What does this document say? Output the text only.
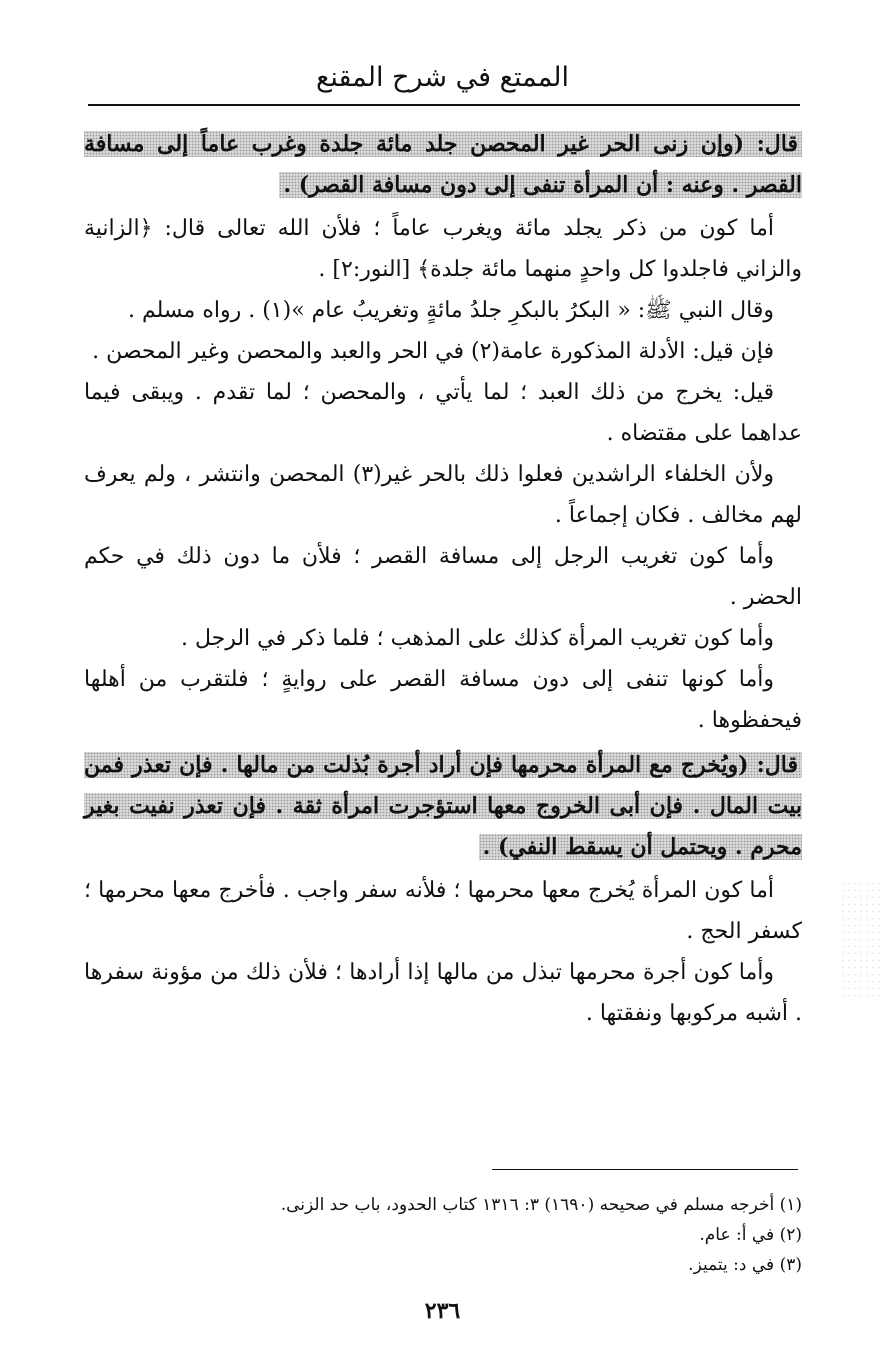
الممتع في شرح المقنع

قال: (وإن زنى الحر غير المحصن جلد مائة جلدة وغرب عاماً إلى مسافة القصر . وعنه : أن المرأة تنفى إلى دون مسافة القصر) .

أما كون من ذكر يجلد مائة ويغرب عاماً ؛ فلأن الله تعالى قال: ﴿الزانية والزاني فاجلدوا كل واحدٍ منهما مائة جلدة﴾ [النور:٢] .

وقال النبي ﷺ: « البكرُ بالبكرِ جلدُ مائةٍ وتغريبُ عام »(١) . رواه مسلم .

فإن قيل: الأدلة المذكورة عامة(٢) في الحر والعبد والمحصن وغير المحصن .

قيل: يخرج من ذلك العبد ؛ لما يأتي ، والمحصن ؛ لما تقدم . ويبقى فيما عداهما على مقتضاه .

ولأن الخلفاء الراشدين فعلوا ذلك بالحر غير(٣) المحصن وانتشر ، ولم يعرف لهم مخالف . فكان إجماعاً .

وأما كون تغريب الرجل إلى مسافة القصر ؛ فلأن ما دون ذلك في حكم الحضر .

وأما كون تغريب المرأة كذلك على المذهب ؛ فلما ذكر في الرجل .

وأما كونها تنفى إلى دون مسافة القصر على روايةٍ ؛ فلتقرب من أهلها فيحفظوها .

قال: (ويُخرج مع المرأة محرمها فإن أراد أجرة بُذلت من مالها . فإن تعذر فمن بيت المال . فإن أبى الخروج معها استؤجرت امرأة ثقة . فإن تعذر نفيت بغير محرم . ويحتمل أن يسقط النفي) .

أما كون المرأة يُخرج معها محرمها ؛ فلأنه سفر واجب . فأخرج معها محرمها ؛ كسفر الحج .

وأما كون أجرة محرمها تبذل من مالها إذا أرادها ؛ فلأن ذلك من مؤونة سفرها . أشبه مركوبها ونفقتها .

(١) أخرجه مسلم في صحيحه (١٦٩٠) ٣: ١٣١٦ كتاب الحدود، باب حد الزنى.

(٢) في أ: عام.

(٣) في د: يتميز.

٢٣٦
